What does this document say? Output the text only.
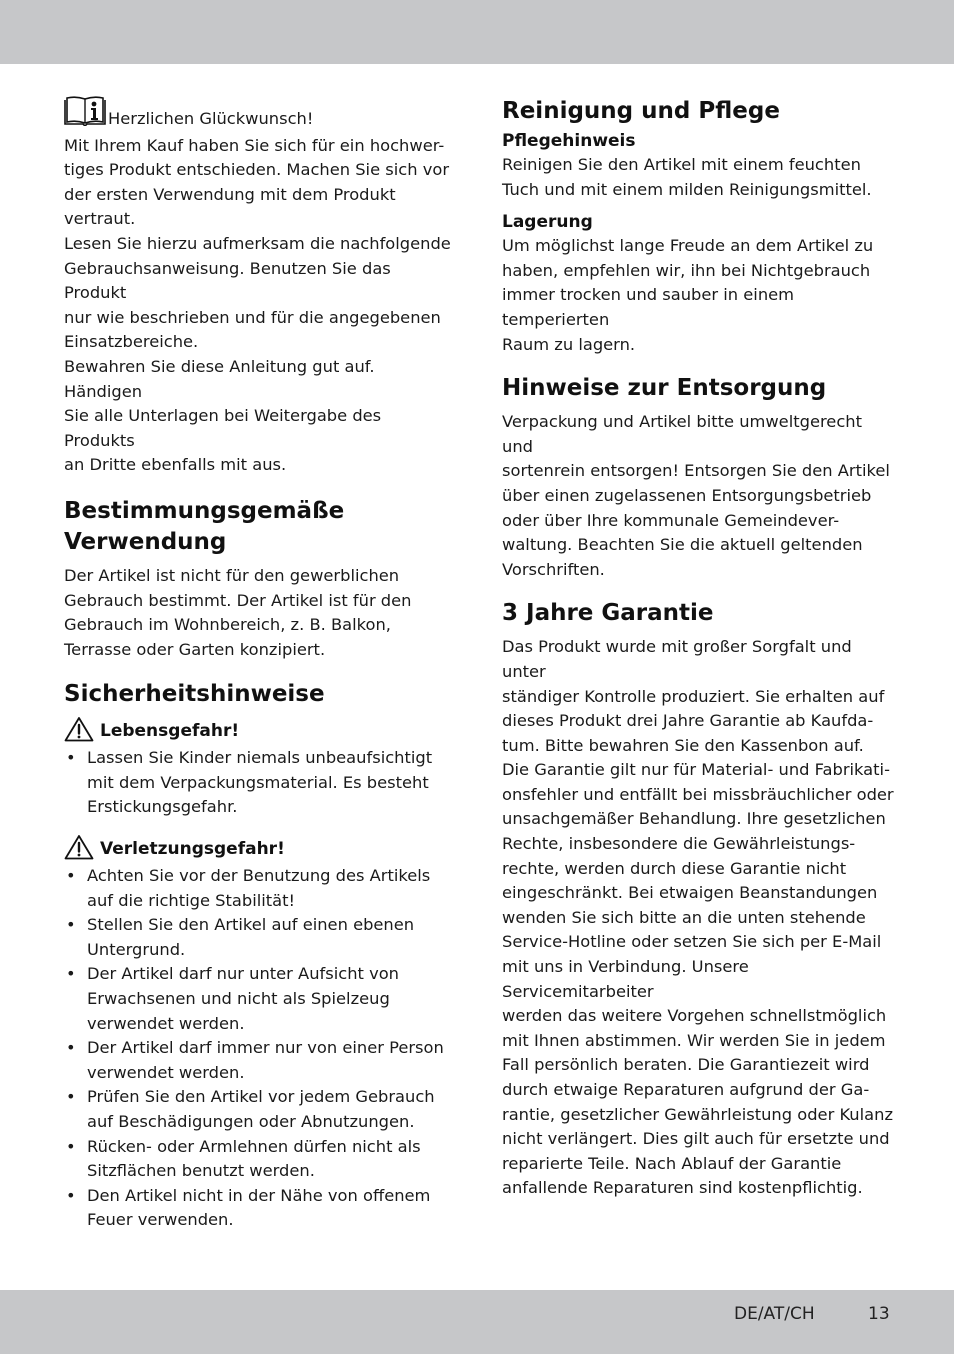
Herzlichen Glückwunsch!
Mit Ihrem Kauf haben Sie sich für ein hochwer-
tiges Produkt entschieden. Machen Sie sich vor
der ersten Verwendung mit dem Produkt vertraut.
Lesen Sie hierzu aufmerksam die nachfolgende
Gebrauchsanweisung. Benutzen Sie das Produkt
nur wie beschrieben und für die angegebenen
Einsatzbereiche.
Bewahren Sie diese Anleitung gut auf. Händigen
Sie alle Unterlagen bei Weitergabe des Produkts
an Dritte ebenfalls mit aus.
Bestimmungsgemäße
Verwendung
Der Artikel ist nicht für den gewerblichen
Gebrauch bestimmt. Der Artikel ist für den
Gebrauch im Wohnbereich, z. B. Balkon,
Terrasse oder Garten konzipiert.
Sicherheitshinweise
Lebensgefahr!
• Lassen Sie Kinder niemals unbeaufsichtigt
mit dem Verpackungsmaterial. Es besteht
Erstickungsgefahr.
Verletzungsgefahr!
• Achten Sie vor der Benutzung des Artikels
auf die richtige Stabilität!
• Stellen Sie den Artikel auf einen ebenen
Untergrund.
• Der Artikel darf nur unter Aufsicht von
Erwachsenen und nicht als Spielzeug
verwendet werden.
• Der Artikel darf immer nur von einer Person
verwendet werden.
• Prüfen Sie den Artikel vor jedem Gebrauch
auf Beschädigungen oder Abnutzungen.
• Rücken- oder Armlehnen dürfen nicht als
Sitzflächen benutzt werden.
• Den Artikel nicht in der Nähe von offenem
Feuer verwenden.
Reinigung und Pflege
Pflegehinweis
Reinigen Sie den Artikel mit einem feuchten
Tuch und mit einem milden Reinigungsmittel.
Lagerung
Um möglichst lange Freude an dem Artikel zu
haben, empfehlen wir, ihn bei Nichtgebrauch
immer trocken und sauber in einem temperierten
Raum zu lagern.
Hinweise zur Entsorgung
Verpackung und Artikel bitte umweltgerecht und
sortenrein entsorgen! Entsorgen Sie den Artikel
über einen zugelassenen Entsorgungsbetrieb
oder über Ihre kommunale Gemeindever-
waltung. Beachten Sie die aktuell geltenden
Vorschriften.
3 Jahre Garantie
Das Produkt wurde mit großer Sorgfalt und unter
ständiger Kontrolle produziert. Sie erhalten auf
dieses Produkt drei Jahre Garantie ab Kaufda-
tum. Bitte bewahren Sie den Kassenbon auf.
Die Garantie gilt nur für Material- und Fabrikati-
onsfehler und entfällt bei missbräuchlicher oder
unsachgemäßer Behandlung. Ihre gesetzlichen
Rechte, insbesondere die Gewährleistungs-
rechte, werden durch diese Garantie nicht
eingeschränkt. Bei etwaigen Beanstandungen
wenden Sie sich bitte an die unten stehende
Service-Hotline oder setzen Sie sich per E-Mail
mit uns in Verbindung. Unsere Servicemitarbeiter
werden das weitere Vorgehen schnellstmöglich
mit Ihnen abstimmen. Wir werden Sie in jedem
Fall persönlich beraten. Die Garantiezeit wird
durch etwaige Reparaturen aufgrund der Ga-
rantie, gesetzlicher Gewährleistung oder Kulanz
nicht verlängert. Dies gilt auch für ersetzte und
reparierte Teile. Nach Ablauf der Garantie
anfallende Reparaturen sind kostenpflichtig.
DE/AT/CH	13
